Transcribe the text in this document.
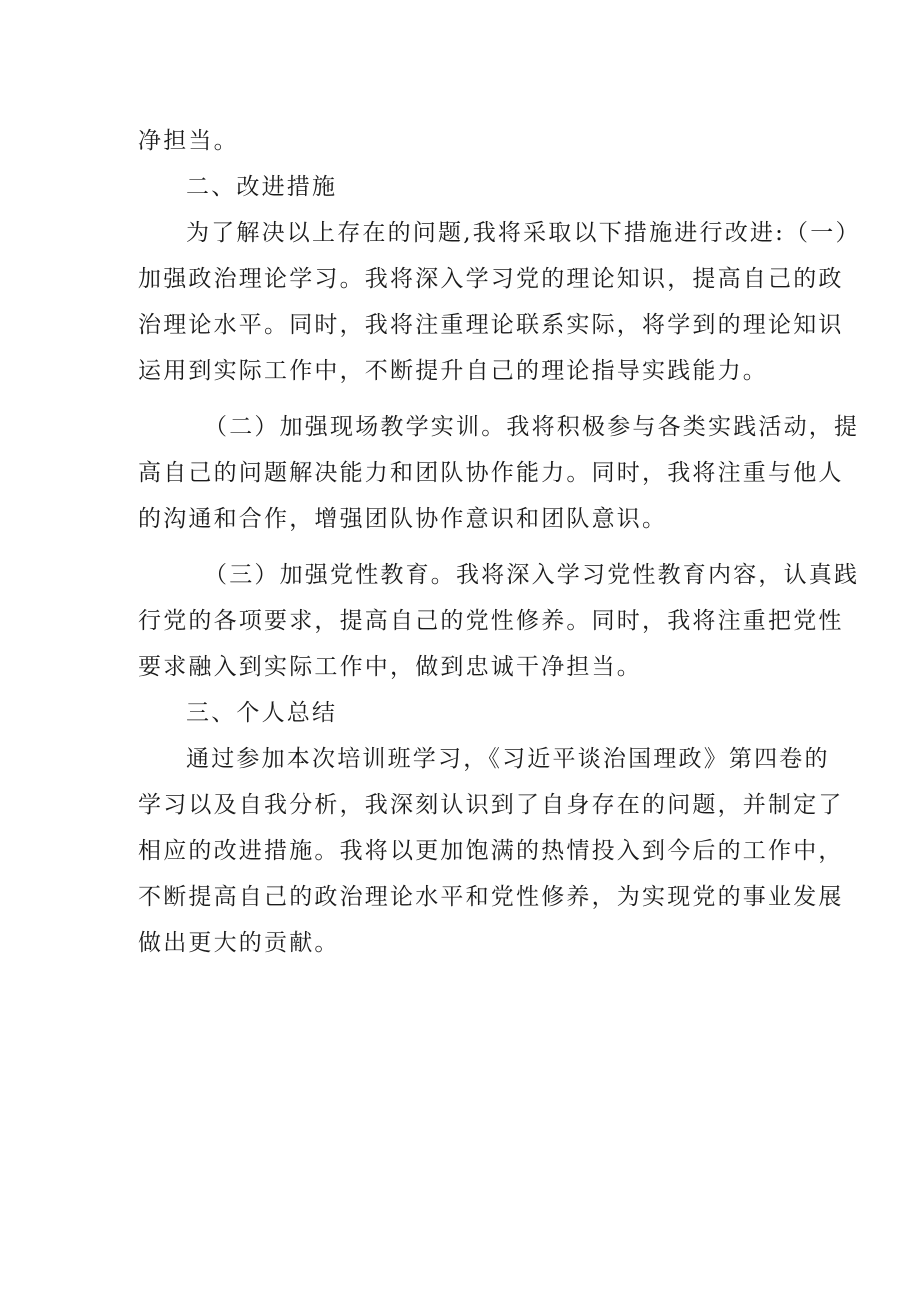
净担当。
二、改进措施
为了解决以上存在的问题,我将采取以下措施进行改进:（一）
加强政治理论学习。我将深入学习党的理论知识，提高自己的政
治理论水平。同时，我将注重理论联系实际，将学到的理论知识
运用到实际工作中，不断提升自己的理论指导实践能力。
（二）加强现场教学实训。我将积极参与各类实践活动，提
高自己的问题解决能力和团队协作能力。同时，我将注重与他人
的沟通和合作，增强团队协作意识和团队意识。
（三）加强党性教育。我将深入学习党性教育内容，认真践
行党的各项要求，提高自己的党性修养。同时，我将注重把党性
要求融入到实际工作中，做到忠诚干净担当。
三、个人总结
通过参加本次培训班学习，《习近平谈治国理政》第四卷的
学习以及自我分析，我深刻认识到了自身存在的问题，并制定了
相应的改进措施。我将以更加饱满的热情投入到今后的工作中，
不断提高自己的政治理论水平和党性修养，为实现党的事业发展
做出更大的贡献。
